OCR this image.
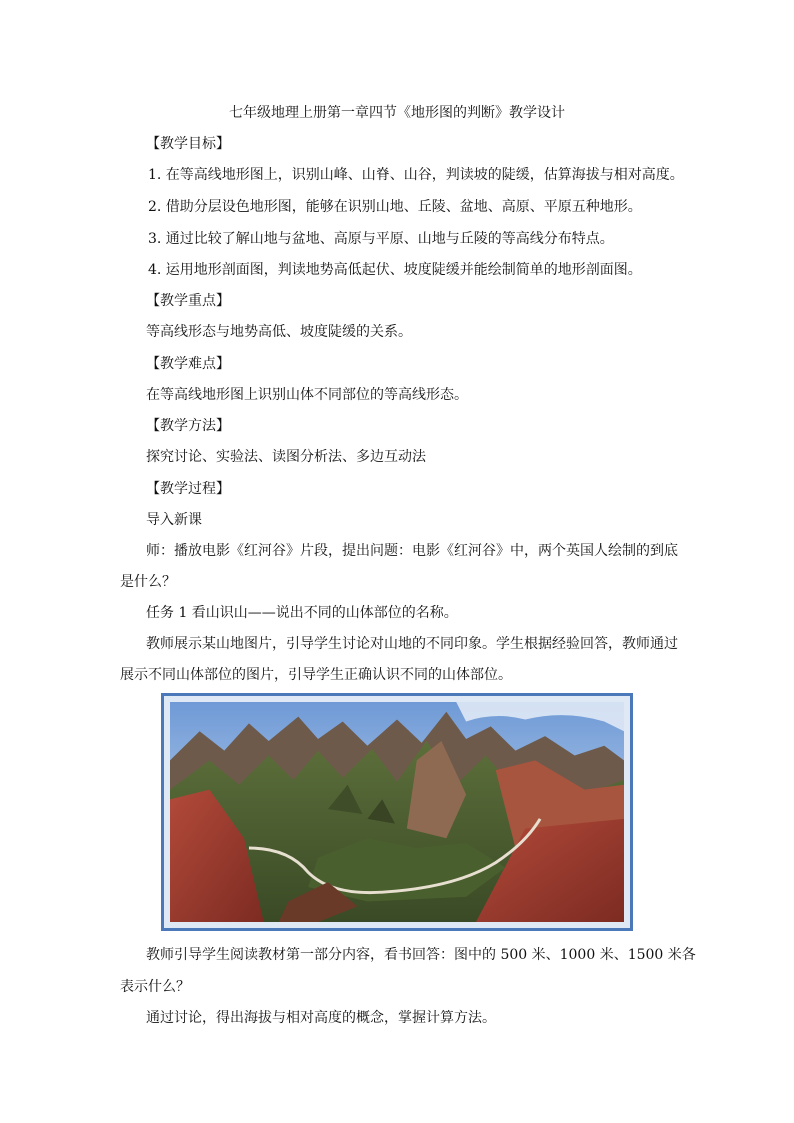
七年级地理上册第一章四节《地形图的判断》教学设计
【教学目标】
1. 在等高线地形图上，识别山峰、山脊、山谷，判读坡的陡缓，估算海拔与相对高度。
2. 借助分层设色地形图，能够在识别山地、丘陵、盆地、高原、平原五种地形。
3. 通过比较了解山地与盆地、高原与平原、山地与丘陵的等高线分布特点。
4. 运用地形剖面图，判读地势高低起伏、坡度陡缓并能绘制简单的地形剖面图。
【教学重点】
等高线形态与地势高低、坡度陡缓的关系。
【教学难点】
在等高线地形图上识别山体不同部位的等高线形态。
【教学方法】
探究讨论、实验法、读图分析法、多边互动法
【教学过程】
导入新课
师：播放电影《红河谷》片段，提出问题：电影《红河谷》中，两个英国人绘制的到底
是什么？
任务 1 看山识山——说出不同的山体部位的名称。
教师展示某山地图片，引导学生讨论对山地的不同印象。学生根据经验回答，教师通过
展示不同山体部位的图片，引导学生正确认识不同的山体部位。
教师引导学生阅读教材第一部分内容，看书回答：图中的 500 米、1000 米、1500 米各
表示什么？
通过讨论，得出海拔与相对高度的概念，掌握计算方法。
